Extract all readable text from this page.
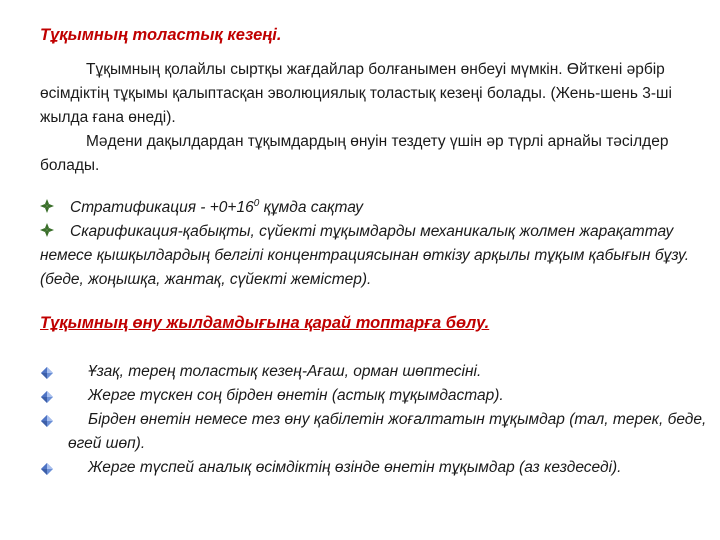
Тұқымның толастық кезеңі.
Тұқымның қолайлы сыртқы жағдайлар болғанымен өнбеуі мүмкін. Өйткені әрбір өсімдіктің тұқымы қалыптасқан эволюциялық толастық кезеңі болады. (Жень-шень 3-ші жылда ғана өнеді).
Мәдени дақылдардан тұқымдардың өнуін тездету үшін әр түрлі арнайы тәсілдер болады.
Стратификация - $+0+16^0$ құмда сақтау
Скарификация-қабықты, сүйекті тұқымдарды механикалық жолмен жарақаттау немесе қышқылдардың белгілі концентрациясынан өткізу арқылы тұқым қабығын бұзу. (беде, жоңышқа, жантақ, сүйекті жемістер).
Тұқымның өну жылдамдығына қарай топтарға бөлу.
Ұзақ, терең толастық кезең-Ағаш, орман шөптесіні.
Жерге түскен соң бірден өнетін (астық тұқымдастар).
Бірден өнетін немесе тез өну қабілетін жоғалтатын тұқымдар (тал, терек, беде, өгей шөп).
Жерге түспей аналық өсімдіктің өзінде өнетін тұқымдар (аз кездеседі).
